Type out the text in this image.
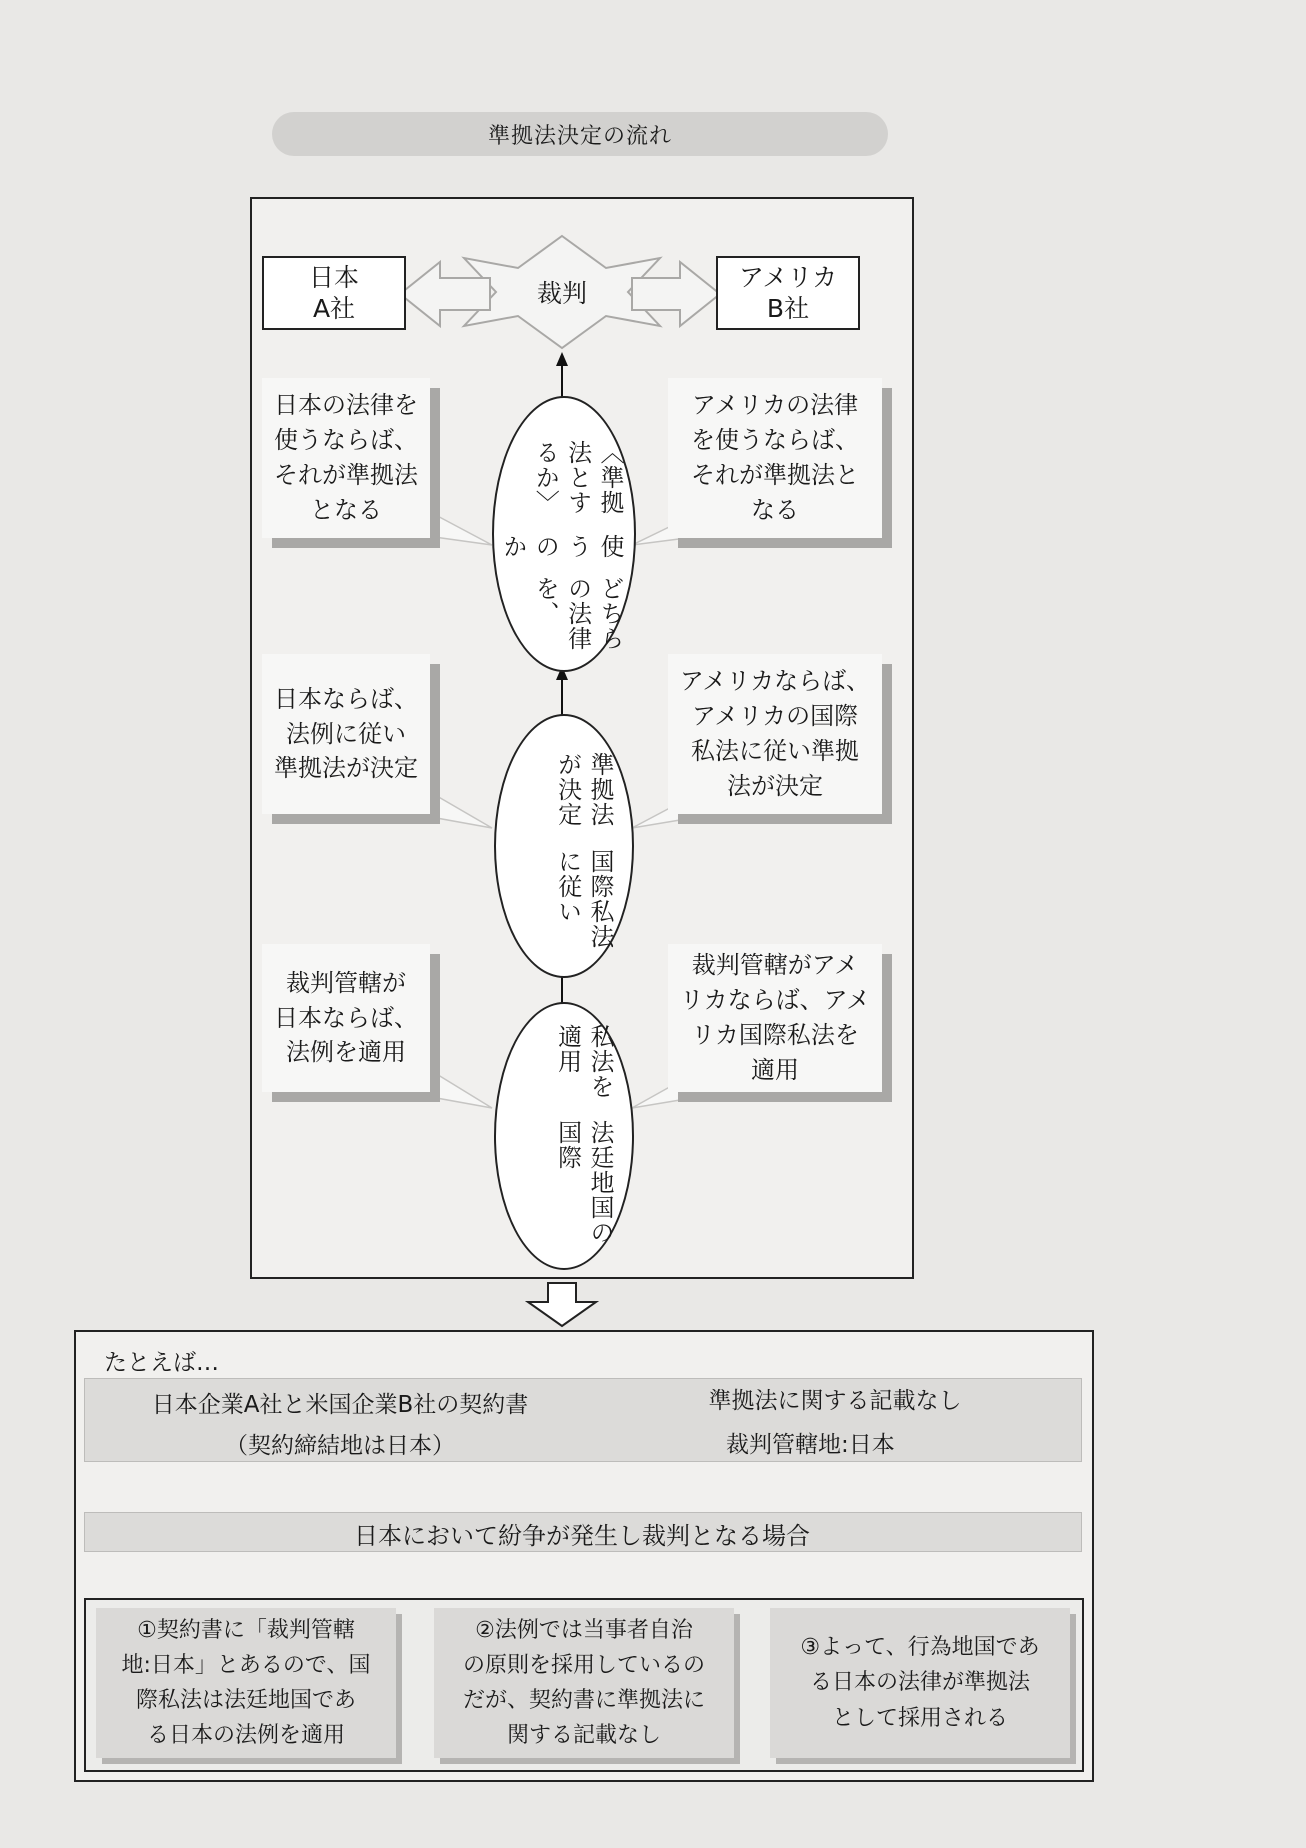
準拠法決定の流れ
日本
A社
アメリカ
B社
裁判
どちらの法律を、
使うのか
〈準拠法とするか〉
国際私法に従い
準拠法が決定
法廷地国の国際
私法を適用
日本の法律を
使うならば、
それが準拠法
となる
アメリカの法律
を使うならば、
それが準拠法と
なる
日本ならば、
法例に従い
準拠法が決定
アメリカならば、
アメリカの国際
私法に従い準拠
法が決定
裁判管轄が
日本ならば、
法例を適用
裁判管轄がアメ
リカならば、アメ
リカ国際私法を
適用
たとえば…
日本企業A社と米国企業B社の契約書
（契約締結地は日本）
準拠法に関する記載なし
裁判管轄地:日本
日本において紛争が発生し裁判となる場合
①契約書に「裁判管轄
地:日本」とあるので、国
際私法は法廷地国であ
る日本の法例を適用
②法例では当事者自治
の原則を採用しているの
だが、契約書に準拠法に
関する記載なし
③よって、行為地国であ
る日本の法律が準拠法
として採用される
